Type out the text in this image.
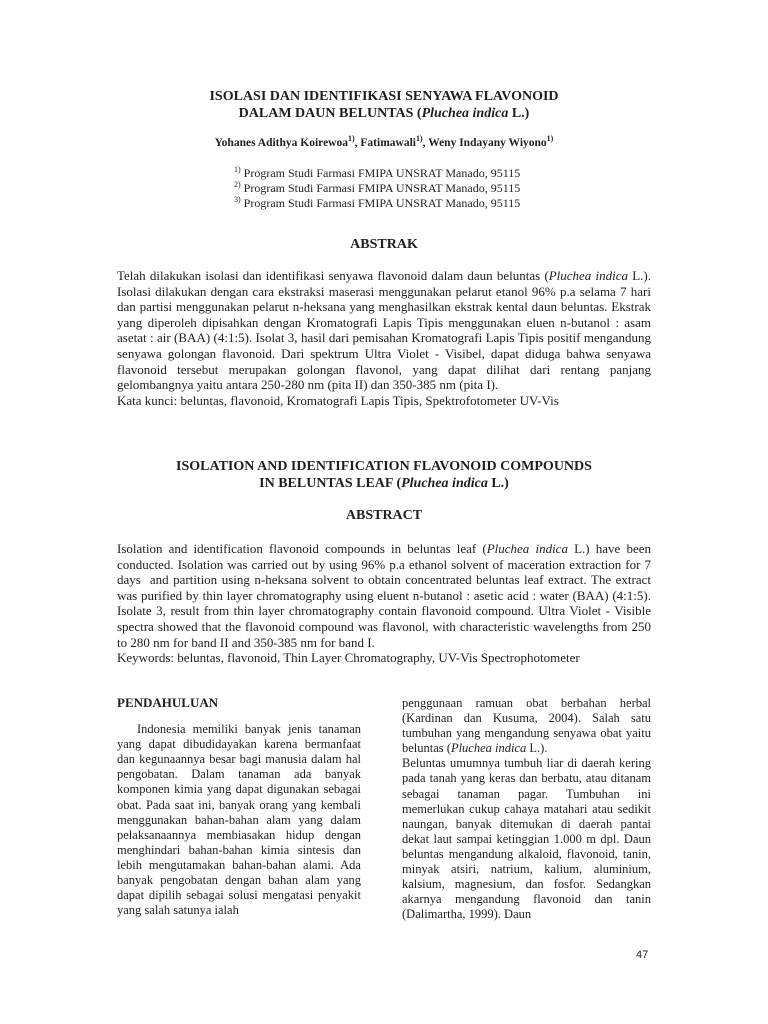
ISOLASI DAN IDENTIFIKASI SENYAWA FLAVONOID
DALAM DAUN BELUNTAS (Pluchea indica L.)
Yohanes Adithya Koirewoa$^{1)}$, Fatimawali$^{1)}$, Weny Indayany Wiyono$^{1)}$
$^{1)}$ Program Studi Farmasi FMIPA UNSRAT Manado, 95115
$^{2)}$ Program Studi Farmasi FMIPA UNSRAT Manado, 95115
$^{3)}$ Program Studi Farmasi FMIPA UNSRAT Manado, 95115
ABSTRAK

Telah dilakukan isolasi dan identifikasi senyawa flavonoid dalam daun beluntas (Pluchea indica L.). Isolasi dilakukan dengan cara ekstraksi maserasi menggunakan pelarut etanol 96% p.a selama 7 hari dan partisi menggunakan pelarut n-heksana yang menghasilkan ekstrak kental daun beluntas. Ekstrak yang diperoleh dipisahkan dengan Kromatografi Lapis Tipis menggunakan eluen n-butanol : asam asetat : air (BAA) (4:1:5). Isolat 3, hasil dari pemisahan Kromatografi Lapis Tipis positif mengandung senyawa golongan flavonoid. Dari spektrum Ultra Violet - Visibel, dapat diduga bahwa senyawa flavonoid tersebut merupakan golongan flavonol, yang dapat dilihat dari rentang panjang gelombangnya yaitu antara 250-280 nm (pita II) dan 350-385 nm (pita I).

Kata kunci: beluntas, flavonoid, Kromatografi Lapis Tipis, Spektrofotometer UV-Vis

ISOLATION AND IDENTIFICATION FLAVONOID COMPOUNDS
IN BELUNTAS LEAF (Pluchea indica L.)
ABSTRACT

Isolation and identification flavonoid compounds in beluntas leaf (Pluchea indica L.) have been conducted. Isolation was carried out by using 96% p.a ethanol solvent of maceration extraction for 7 days  and partition using n-heksana solvent to obtain concentrated beluntas leaf extract. The extract was purified by thin layer chromatography using eluent n-butanol : asetic acid : water (BAA) (4:1:5). Isolate 3, result from thin layer chromatography contain flavonoid compound. Ultra Violet - Visible spectra showed that the flavonoid compound was flavonol, with characteristic wavelengths from 250 to 280 nm for band II and 350-385 nm for band I.

Keywords: beluntas, flavonoid, Thin Layer Chromatography, UV-Vis Spectrophotometer

PENDAHULUAN

Indonesia memiliki banyak jenis tanaman yang dapat dibudidayakan karena bermanfaat dan kegunaannya besar bagi manusia dalam hal pengobatan. Dalam tanaman ada banyak komponen kimia yang dapat digunakan sebagai obat. Pada saat ini, banyak orang yang kembali menggunakan bahan-bahan alam yang dalam pelaksanaannya membiasakan hidup dengan menghindari bahan-bahan kimia sintesis dan lebih mengutamakan bahan-bahan alami. Ada banyak pengobatan dengan bahan alam yang dapat dipilih sebagai solusi mengatasi penyakit yang salah satunya ialah

penggunaan ramuan obat berbahan herbal (Kardinan dan Kusuma, 2004). Salah satu tumbuhan yang mengandung senyawa obat yaitu beluntas (Pluchea indica L.).

Beluntas umumnya tumbuh liar di daerah kering pada tanah yang keras dan berbatu, atau ditanam sebagai tanaman pagar. Tumbuhan ini memerlukan cukup cahaya matahari atau sedikit naungan, banyak ditemukan di daerah pantai dekat laut sampai ketinggian 1.000 m dpl. Daun beluntas mengandung alkaloid, flavonoid, tanin, minyak atsiri, natrium, kalium, aluminium, kalsium, magnesium, dan fosfor. Sedangkan akarnya mengandung flavonoid dan tanin (Dalimartha, 1999). Daun

47
